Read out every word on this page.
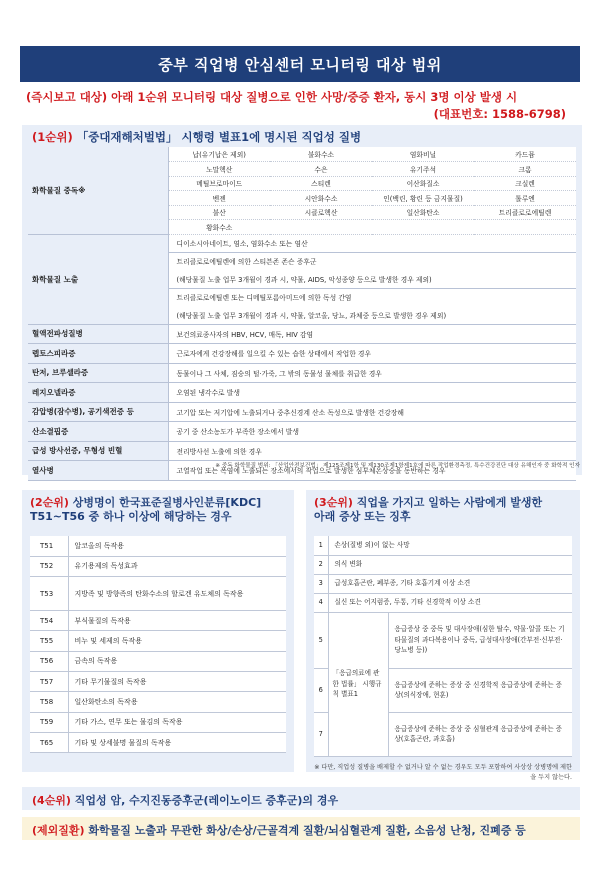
중부 직업병 안심센터 모니터링 대상 범위
(즉시보고 대상) 아래 1순위 모니터링 대상 질병으로 인한 사망/중증 환자, 동시 3명 이상 발생 시
(대표번호: 1588-6798)
(1순위) 「중대재해처벌법」 시행령 별표1에 명시된 직업성 질병
화학물질 중독※	납(유기납은 제외)	불화수소	염화비닐	카드뮴
	노말헥산	수은	유기주석	크롬
	메틸브로마이드	스티렌	이산화질소	크실렌
	벤젠	시안화수소	인(백린, 황린 등 금지물질)	톨루엔
	불산	시클로헥산	일산화탄소	트리클로로에틸렌
	황화수소			
화학물질 노출	디이소시아네이트, 염소, 염화수소 또는 염산			
	트리클로로에틸렌에 의한 스티븐존 존슨 증후군			
	(해당물질 노출 업무 3개월이 경과 시, 약물, AIDS, 악성종양 등으로 발생한 경우 제외)			
	트리클로로에틸렌 또는 디메틸포름아미드에 의한 독성 간염			
	(해당물질 노출 업무 3개월이 경과 시, 약물, 알코올, 당뇨, 과체중 등으로 발생한 경우 제외)			
혈액전파성질병	보건의료종사자의 HBV, HCV, 매독, HIV 감염			
렙토스피라증	근로자에게 건강장해를 일으킬 수 있는 습한 상태에서 작업한 경우			
탄저, 브루셀라증	동물이나 그 사체, 짐승의 털·가죽, 그 밖의 동물성 물체를 취급한 경우			
레지오넬라증	오염된 냉각수로 발생			
감압병(잠수병), 공기색전증 등	고기압 또는 저기압에 노출되거나 중추신경계 산소 독성으로 발생한 건강장해			
산소결핍증	공기 중 산소농도가 부족한 장소에서 발생			
급성 방사선증, 무형성 빈혈	전리방사선 노출에 의한 경우			
열사병	고열작업 또는 폭염에 노출되는 장소에서의 작업으로 발생한 심부체온상승을 동반하는 경우			
※ 중독 화학물질 범위: 「산업안전보건법」 제125조제1항 및 제130조제1항제1호에 따른 작업환경측정, 특수건강진단 대상 유해인자 중 화학적 인자
(2순위) 상병명이 한국표준질병사인분류[KDC]
T51~T56 중 하나 이상에 해당하는 경우
T51	알코올의 독작용
T52	유기용제의 독성효과
T53	지방족 및 방향족의 탄화수소의 할로겐 유도체의 독작용
T54	부식물질의 독작용
T55	비누 및 세제의 독작용
T56	금속의 독작용
T57	기타 무기물질의 독작용
T58	일산화탄소의 독작용
T59	기타 가스, 연무 또는 물김의 독작용
T65	기타 및 상세불명 물질의 독작용
(3순위) 직업을 가지고 일하는 사람에게 발생한
아래 증상 또는 징후
1	손상(질병 외)이 없는 사망	
2	의식 변화	
3	급성호흡곤란, 폐부종, 기타 호흡기계 이상 소견	
4	실신 또는 어지럼증, 두통, 기타 신경학적 이상 소견	
5	「응급의료에 관한 법률」 시행규칙 별표1	응급증상 중 중독 및 대사장애(심한 탈수, 약물·알콜 또는 기타물질의 과다복용이나 중독, 급성대사장애(간부전·신부전·당뇨병 등))
6		응급증상에 준하는 증상 중 신경학적 응급증상에 준하는 증상(의식장애, 현훈)
7		응급증상에 준하는 증상 중 심혈관계 응급증상에 준하는 증상(호흡곤란, 과호흡)
※ 다만, 직업성 질병을 배제할 수 없거나 알 수 없는 경우도 모두 포함하여 사상상 상병명에 제한을 두지 않는다.
(4순위) 직업성 암, 수지진동증후군(레이노이드 증후군)의 경우
(제외질환) 화학물질 노출과 무관한 화상/손상/근골격계 질환/뇌심혈관계 질환, 소음성 난청, 진폐증 등
